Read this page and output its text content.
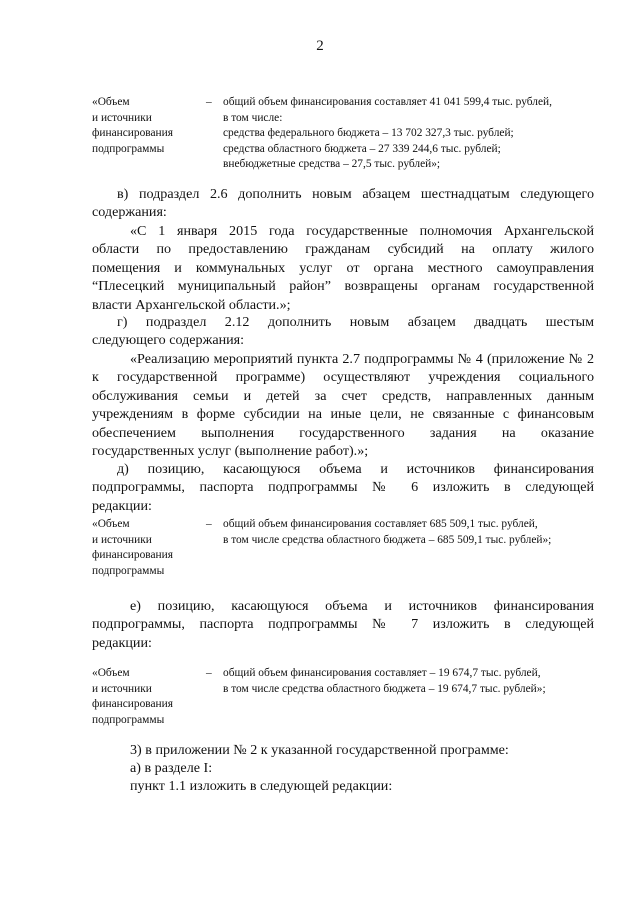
2
«Объем
и источники
финансирования
подпрограммы
– общий объем финансирования составляет 41 041 599,4 тыс. рублей,
в том числе:
средства федерального бюджета – 13 702 327,3 тыс. рублей;
средства областного бюджета – 27 339 244,6 тыс. рублей;
внебюджетные средства – 27,5 тыс. рублей»;
в) подраздел 2.6 дополнить новым абзацем шестнадцатым следующего
содержания:
«С 1 января 2015 года государственные полномочия Архангельской
области по предоставлению гражданам субсидий на оплату жилого
помещения и коммунальных услуг от органа местного самоуправления
“Плесецкий муниципальный район” возвращены органам государственной
власти Архангельской области.»;
г) подраздел 2.12 дополнить новым абзацем двадцать шестым
следующего содержания:
«Реализацию мероприятий пункта 2.7 подпрограммы № 4 (приложение № 2
к государственной программе) осуществляют учреждения социального
обслуживания семьи и детей за счет средств, направленных данным
учреждениям в форме субсидии на иные цели, не связанные с финансовым
обеспечением выполнения государственного задания на оказание
государственных услуг (выполнение работ).»;
д) позицию, касающуюся объема и источников финансирования
подпрограммы, паспорта подпрограммы № 6 изложить в следующей
редакции:
«Объем
и источники
финансирования
подпрограммы
– общий объем финансирования составляет 685 509,1 тыс. рублей,
в том числе средства областного бюджета – 685 509,1 тыс. рублей»;
е) позицию, касающуюся объема и источников финансирования
подпрограммы, паспорта подпрограммы № 7 изложить в следующей
редакции:
«Объем
и источники
финансирования
подпрограммы
– общий объем финансирования составляет – 19 674,7 тыс. рублей,
в том числе средства областного бюджета – 19 674,7 тыс. рублей»;
3) в приложении № 2 к указанной государственной программе:
а) в разделе I:
пункт 1.1 изложить в следующей редакции:
